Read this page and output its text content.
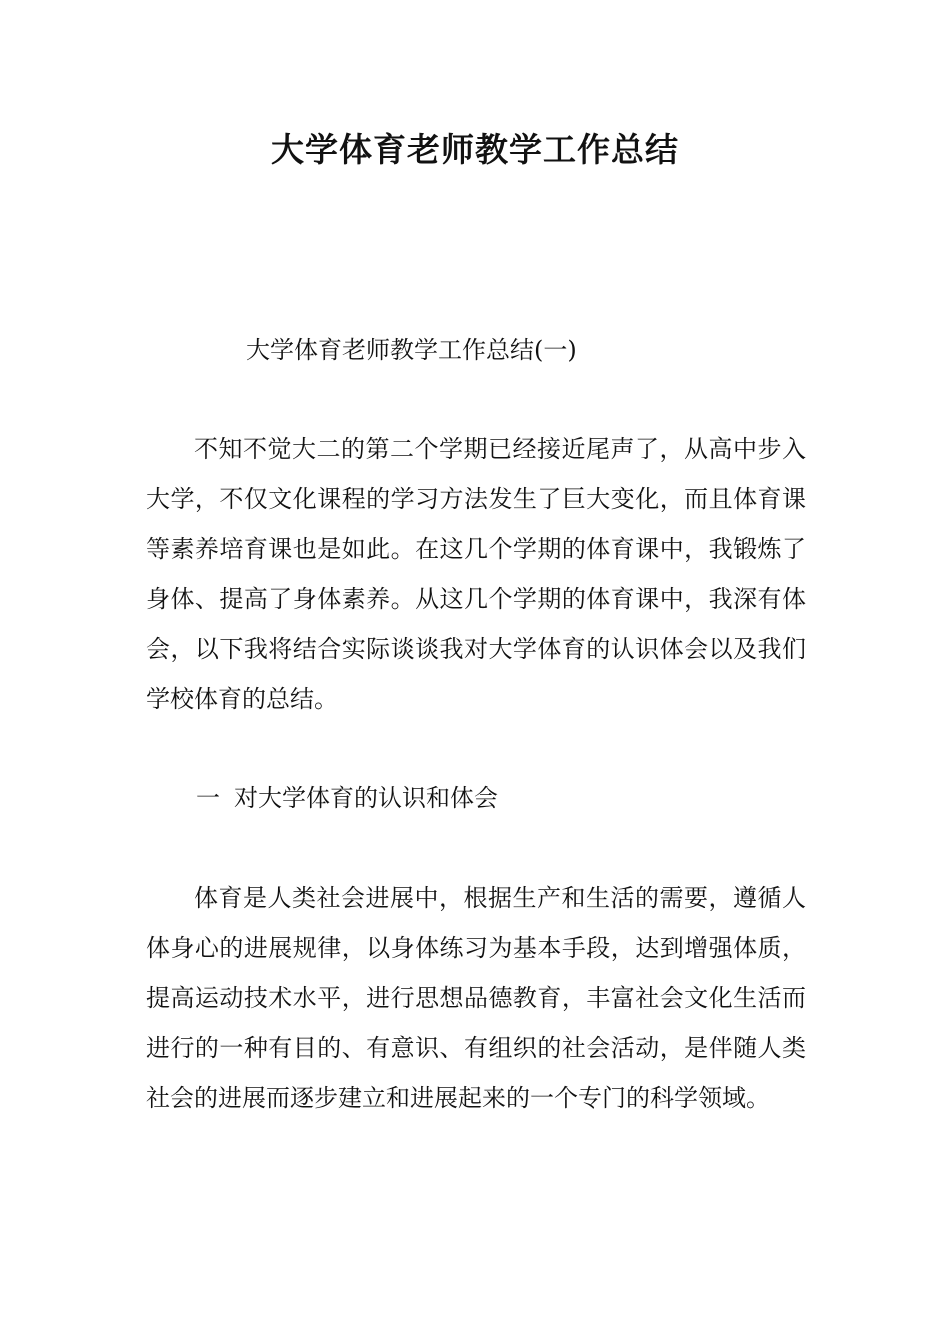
大学体育老师教学工作总结

大学体育老师教学工作总结(一)

不知不觉大二的第二个学期已经接近尾声了，从高中步入大学，不仅文化课程的学习方法发生了巨大变化，而且体育课等素养培育课也是如此。在这几个学期的体育课中，我锻炼了身体、提高了身体素养。从这几个学期的体育课中，我深有体会，以下我将结合实际谈谈我对大学体育的认识体会以及我们学校体育的总结。

一 对大学体育的认识和体会

体育是人类社会进展中，根据生产和生活的需要，遵循人体身心的进展规律，以身体练习为基本手段，达到增强体质，提高运动技术水平，进行思想品德教育，丰富社会文化生活而进行的一种有目的、有意识、有组织的社会活动，是伴随人类社会的进展而逐步建立和进展起来的一个专门的科学领域。
